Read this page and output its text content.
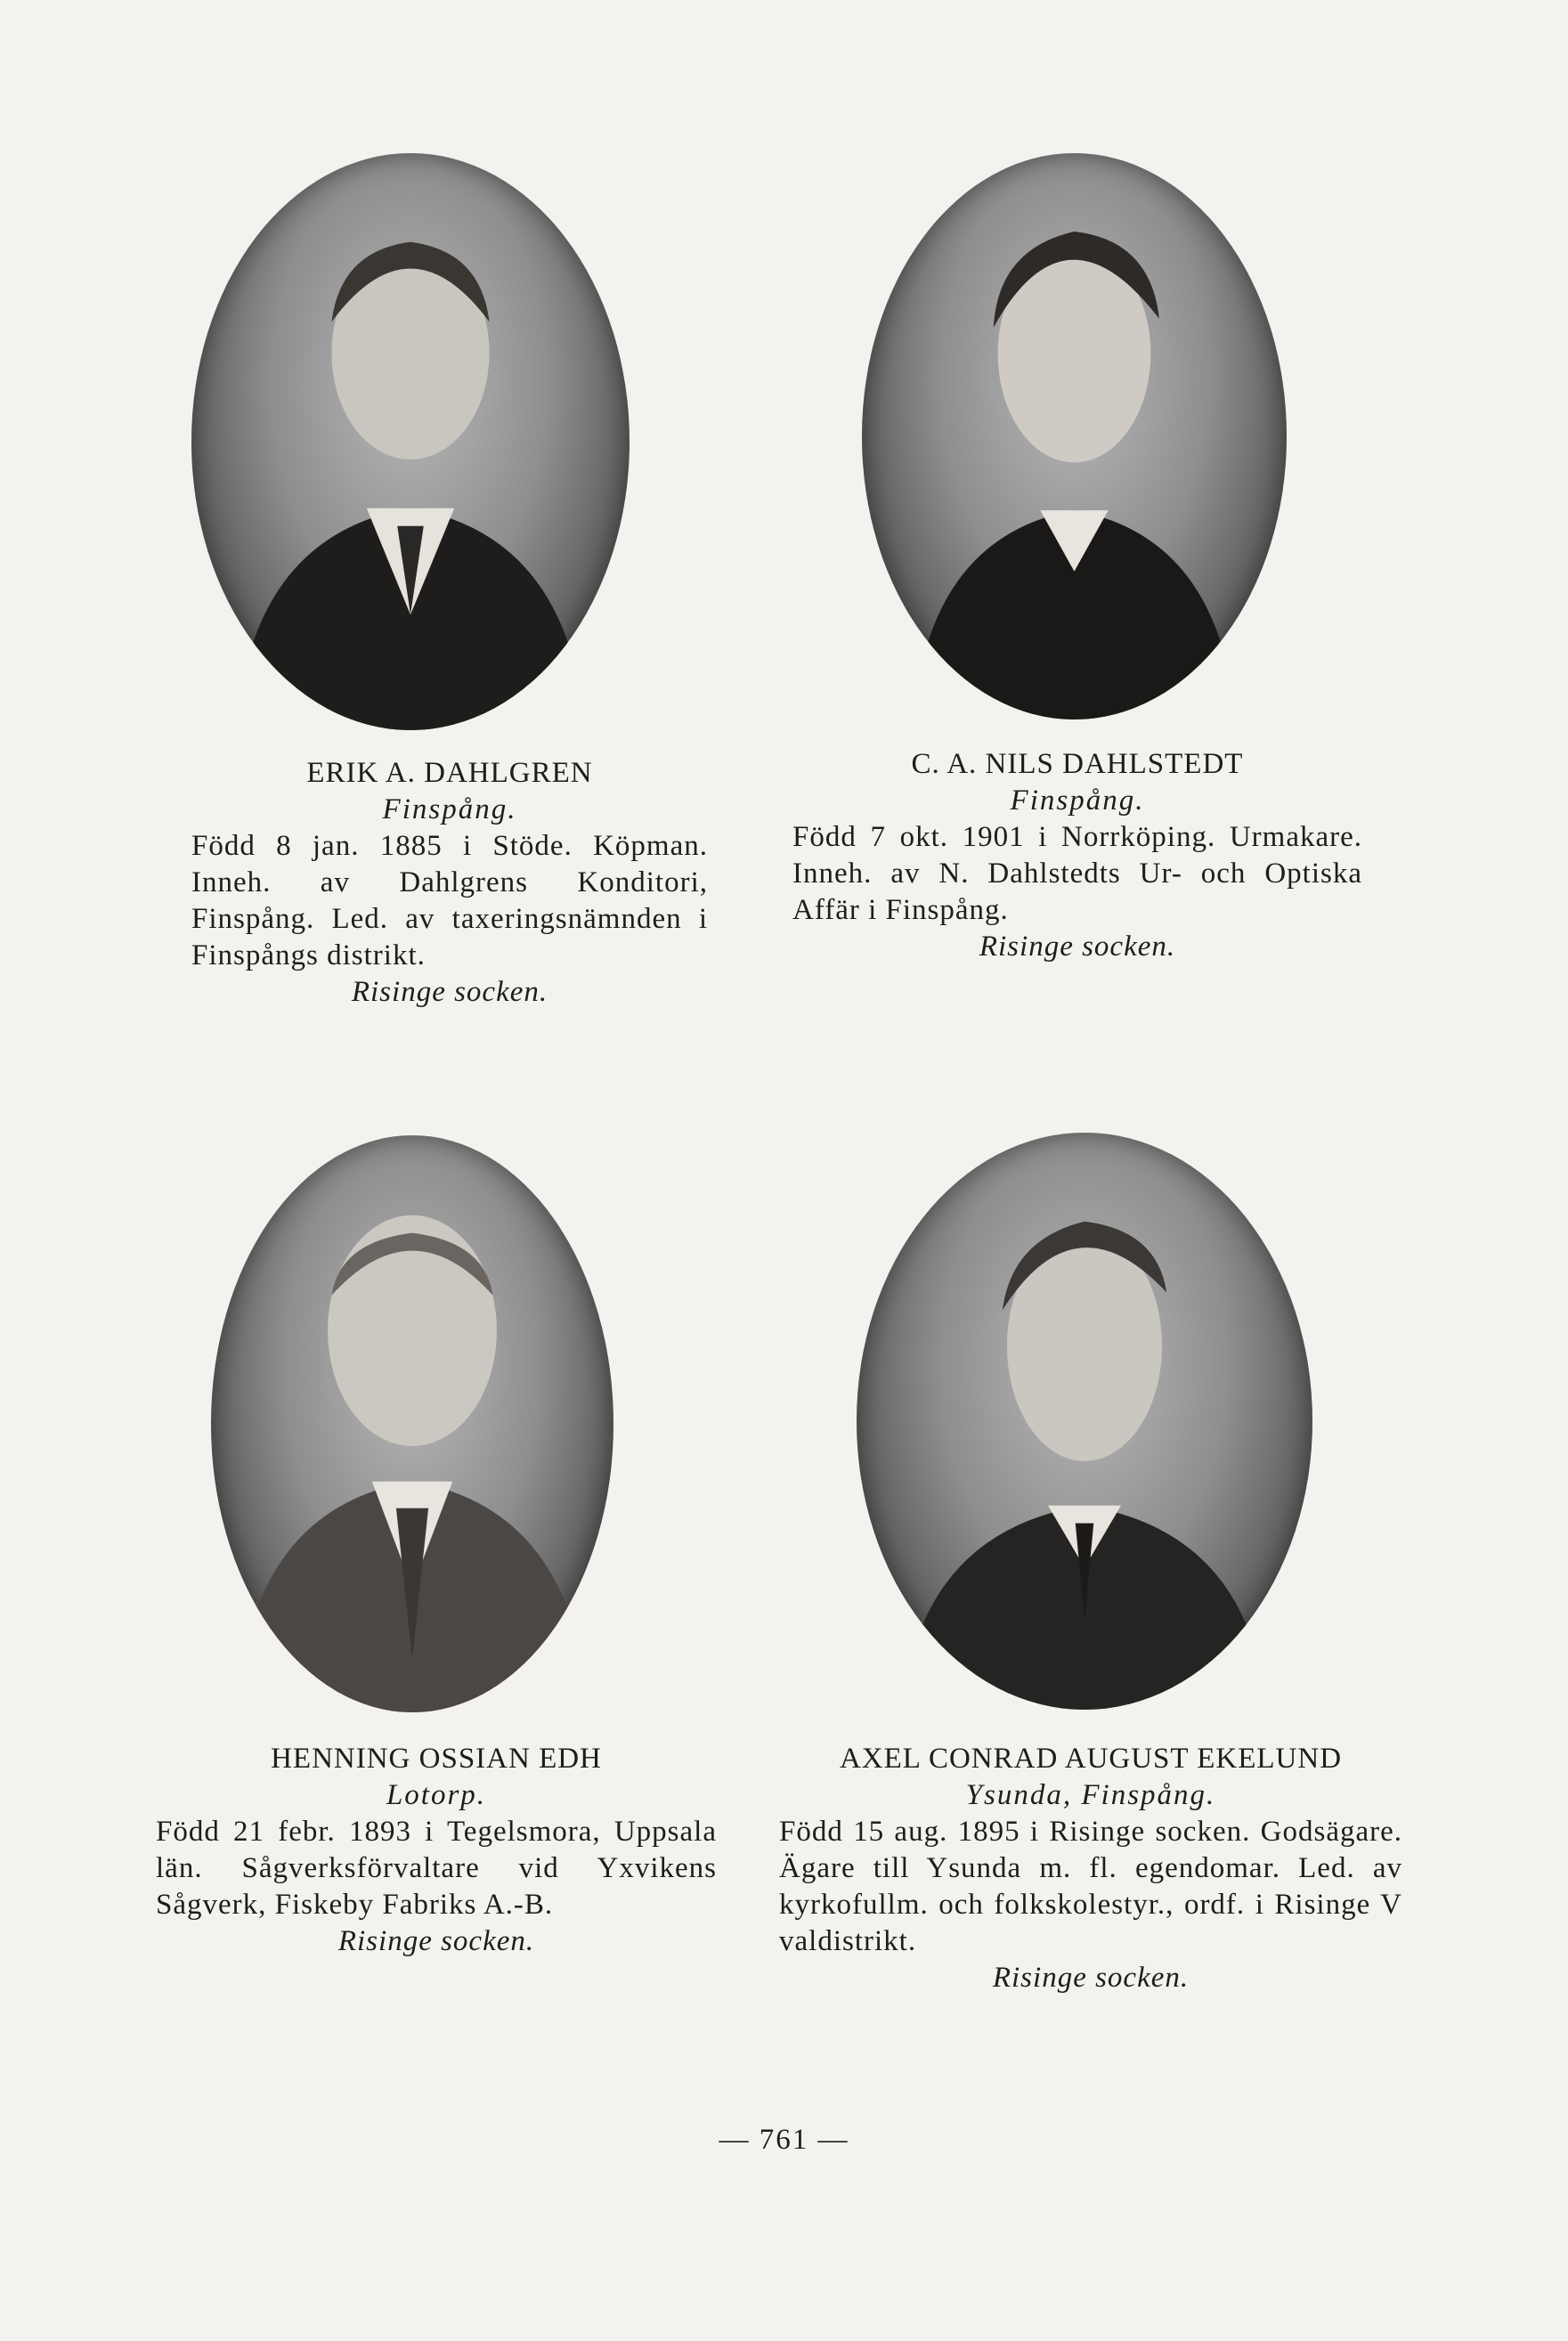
ERIK A. DAHLGREN
Finspång.
Född 8 jan. 1885 i Stöde. Köpman. Inneh. av Dahlgrens Konditori, Finspång. Led. av taxeringsnämnden i Finspångs distrikt.
Risinge socken.
C. A. NILS DAHLSTEDT
Finspång.
Född 7 okt. 1901 i Norrköping. Urmakare. Inneh. av N. Dahlstedts Ur- och Optiska Affär i Finspång.
Risinge socken.
HENNING OSSIAN EDH
Lotorp.
Född 21 febr. 1893 i Tegelsmora, Uppsala län. Sågverksförvaltare vid Yxvikens Sågverk, Fiskeby Fabriks A.-B.
Risinge socken.
AXEL CONRAD AUGUST EKELUND
Ysunda, Finspång.
Född 15 aug. 1895 i Risinge socken. Godsägare. Ägare till Ysunda m. fl. egendomar. Led. av kyrkofullm. och folkskolestyr., ordf. i Risinge V valdistrikt.
Risinge socken.
— 761 —
